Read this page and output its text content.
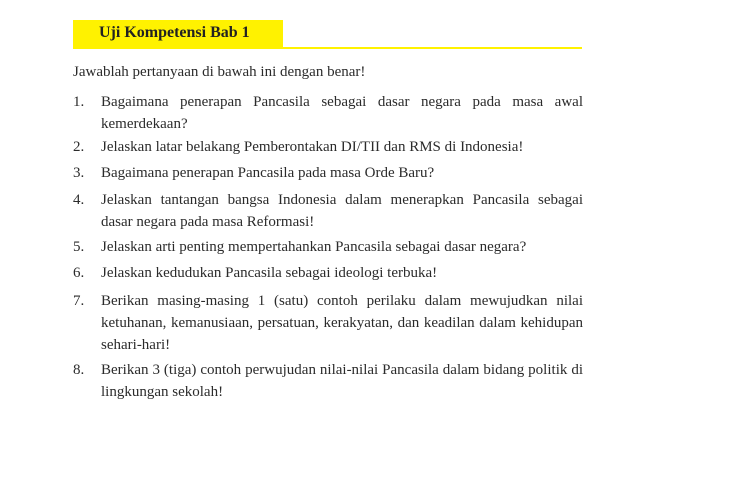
Uji Kompetensi Bab 1
Jawablah pertanyaan di bawah ini dengan benar!
1. Bagaimana penerapan Pancasila sebagai dasar negara pada masa awal kemerdekaan?
2. Jelaskan latar belakang Pemberontakan DI/TII dan RMS di Indonesia!
3. Bagaimana penerapan Pancasila pada masa Orde Baru?
4. Jelaskan tantangan bangsa Indonesia dalam menerapkan Pancasila sebagai dasar negara pada masa Reformasi!
5. Jelaskan arti penting mempertahankan Pancasila sebagai dasar negara?
6. Jelaskan kedudukan Pancasila sebagai ideologi terbuka!
7. Berikan masing-masing 1 (satu) contoh perilaku dalam mewujudkan nilai ketuhanan, kemanusiaan, persatuan, kerakyatan, dan keadilan dalam kehidupan sehari-hari!
8. Berikan 3 (tiga) contoh perwujudan nilai-nilai Pancasila dalam bidang politik di lingkungan sekolah!
